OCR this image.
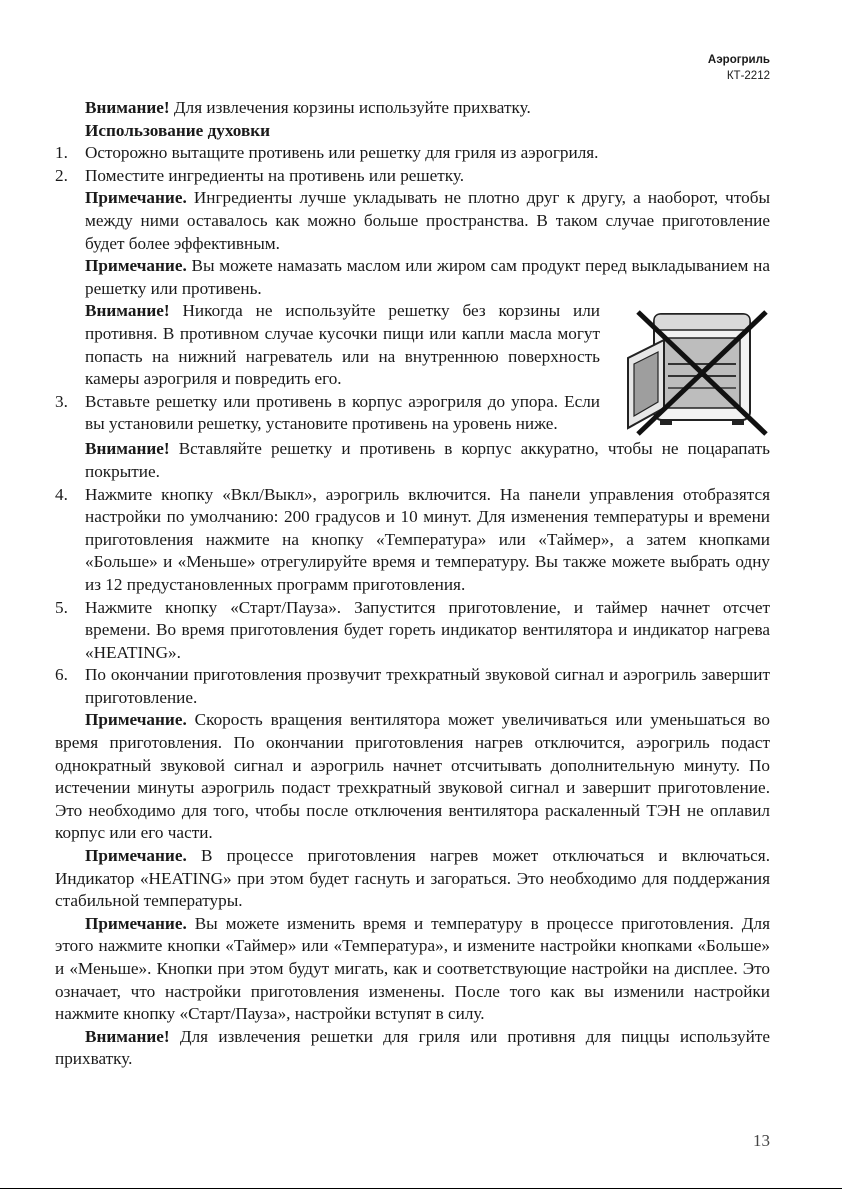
Аэрогриль
КТ-2212

Внимание! Для извлечения корзины используйте прихватку.

Использование духовки

1. Осторожно вытащите противень или решетку для гриля из аэрогриля.

2. Поместите ингредиенты на противень или решетку.

Примечание. Ингредиенты лучше укладывать не плотно друг к другу, а наоборот, чтобы между ними оставалось как можно больше пространства. В таком случае приготовление будет более эффективным.

Примечание. Вы можете намазать маслом или жиром сам продукт перед выкладыванием на решетку или противень.

Внимание! Никогда не используйте решетку без корзины или противня. В противном случае кусочки пищи или капли масла могут попасть на нижний нагреватель или на внутреннюю поверхность камеры аэрогриля и повредить его.

3. Вставьте решетку или противень в корпус аэрогриля до упора. Если вы установили решетку, установите противень на уровень ниже.

Внимание! Вставляйте решетку и противень в корпус аккуратно, чтобы не поцарапать покрытие.

4. Нажмите кнопку «Вкл/Выкл», аэрогриль включится. На панели управления отобразятся настройки по умолчанию: 200 градусов и 10 минут. Для изменения температуры и времени приготовления нажмите на кнопку «Температура» или «Таймер», а затем кнопками «Больше» и «Меньше» отрегулируйте время и температуру. Вы также можете выбрать одну из 12 предустановленных программ приготовления.

5. Нажмите кнопку «Старт/Пауза». Запустится приготовление, и таймер начнет отсчет времени. Во время приготовления будет гореть индикатор вентилятора и индикатор нагрева «HEATING».

6. По окончании приготовления прозвучит трехкратный звуковой сигнал и аэрогриль завершит приготовление.

Примечание. Скорость вращения вентилятора может увеличиваться или уменьшаться во время приготовления. По окончании приготовления нагрев отключится, аэрогриль подаст однократный звуковой сигнал и аэрогриль начнет отсчитывать дополнительную минуту. По истечении минуты аэрогриль подаст трехкратный звуковой сигнал и завершит приготовление. Это необходимо для того, чтобы после отключения вентилятора раскаленный ТЭН не оплавил корпус или его части.

Примечание. В процессе приготовления нагрев может отключаться и включаться. Индикатор «HEATING» при этом будет гаснуть и загораться. Это необходимо для поддержания стабильной температуры.

Примечание. Вы можете изменить время и температуру в процессе приготовления. Для этого нажмите кнопки «Таймер» или «Температура», и измените настройки кнопками «Больше» и «Меньше». Кнопки при этом будут мигать, как и соответствующие настройки на дисплее. Это означает, что настройки приготовления изменены. После того как вы изменили настройки нажмите кнопку «Старт/Пауза», настройки вступят в силу.

Внимание! Для извлечения решетки для гриля или противня для пиццы используйте прихватку.

13
